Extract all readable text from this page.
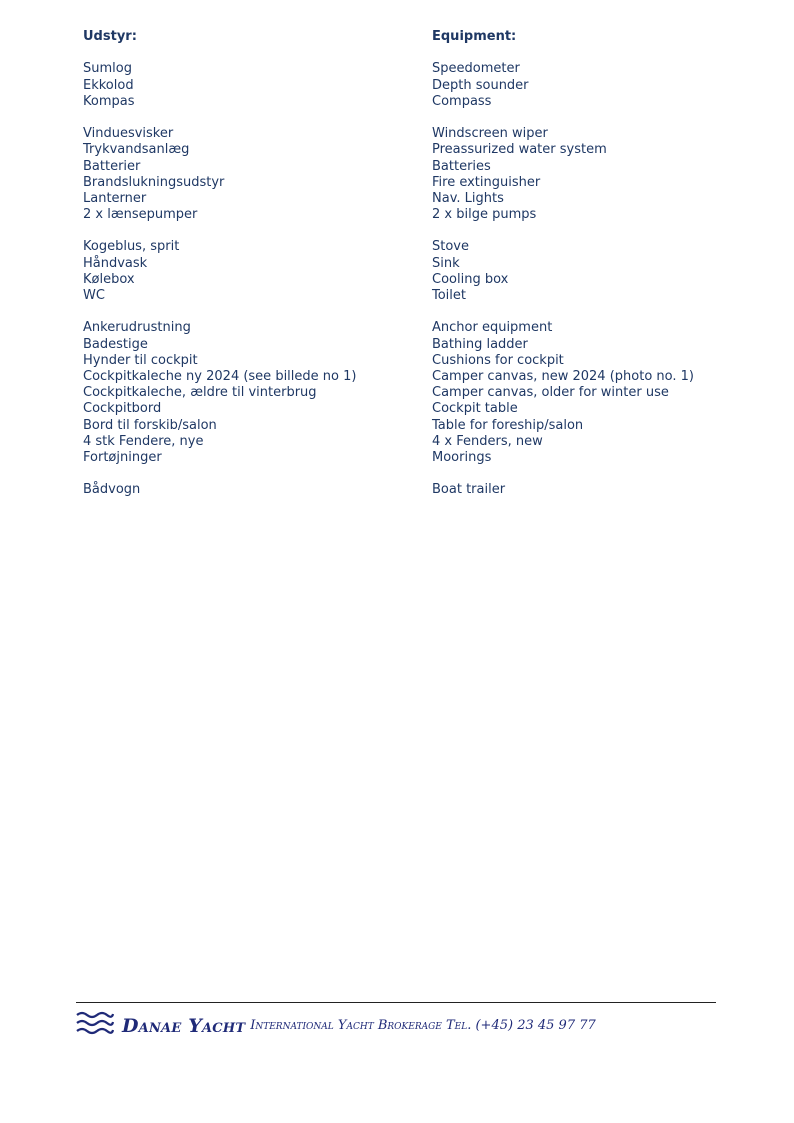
Udstyr:
Sumlog
Ekkolod
Kompas
Vinduesvisker
Trykvandsanlæg
Batterier
Brandslukningsudstyr
Lanterner
2 x lænsepumper
Kogeblus, sprit
Håndvask
Kølebox
WC
Ankerudrustning
Badestige
Hynder til cockpit
Cockpitkaleche ny 2024 (see billede no 1)
Cockpitkaleche, ældre til vinterbrug
Cockpitbord
Bord til forskib/salon
4 stk Fendere, nye
Fortøjninger
Bådvogn
Equipment:
Speedometer
Depth sounder
Compass
Windscreen wiper
Preassurized water system
Batteries
Fire extinguisher
Nav. Lights
2 x bilge pumps
Stove
Sink
Cooling box
Toilet
Anchor equipment
Bathing ladder
Cushions for cockpit
Camper canvas, new 2024 (photo no. 1)
Camper canvas, older for winter use
Cockpit table
Table for foreship/salon
4 x Fenders, new
Moorings
Boat trailer
Danae Yacht International Yacht Brokerage Tel. (+45) 23 45 97 77
